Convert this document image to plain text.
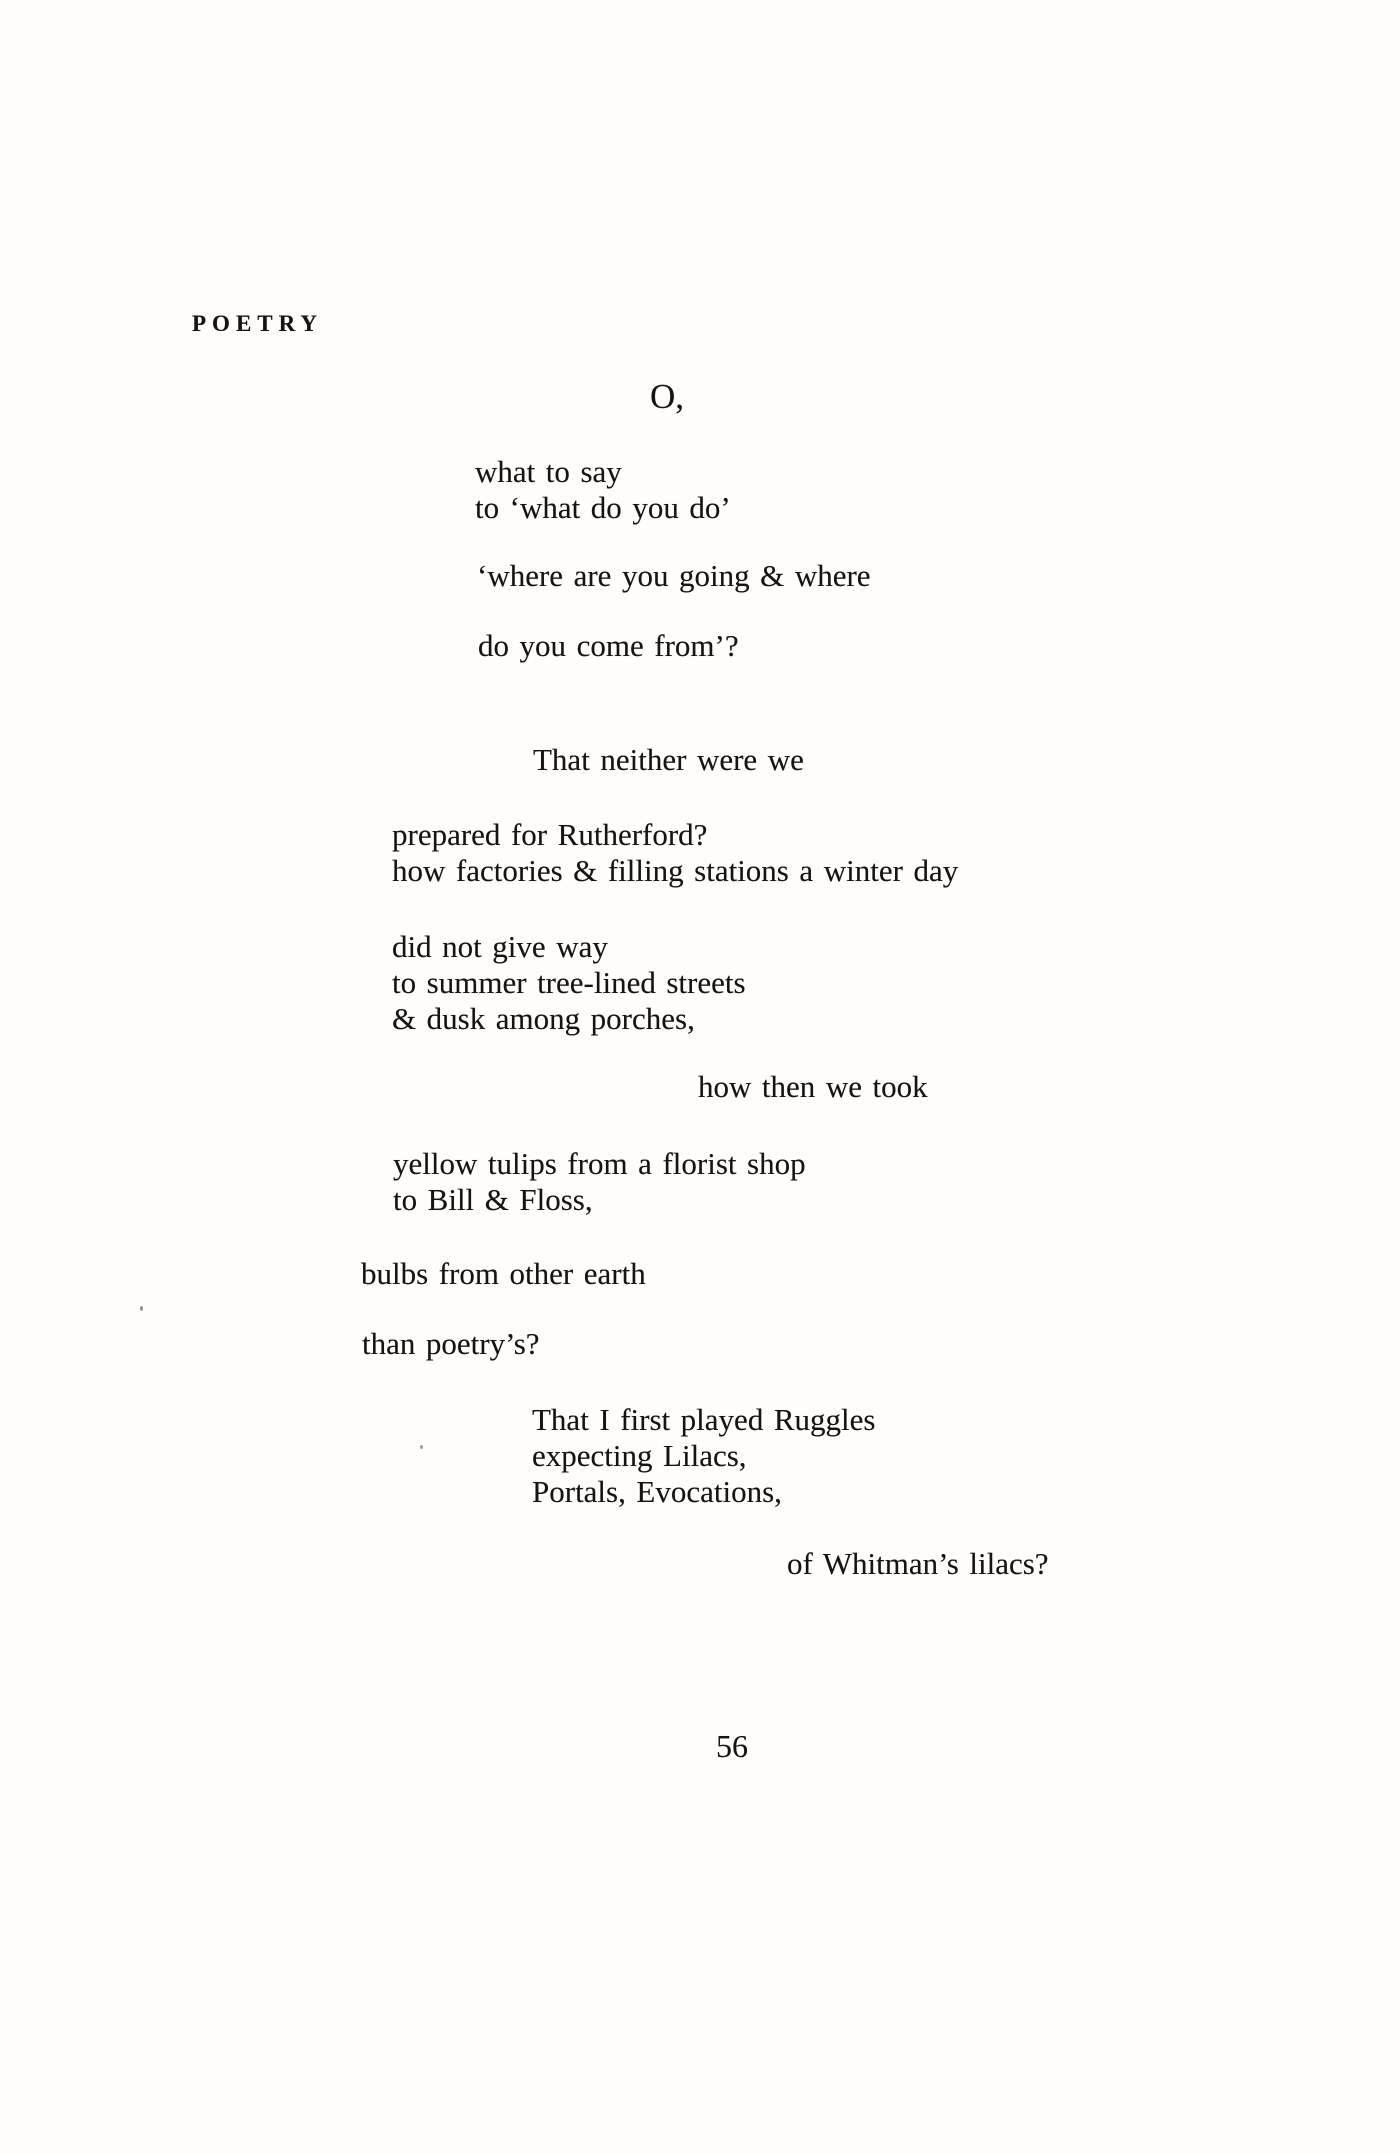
POETRY
O,
what to say
to ‘what do you do’
‘where are you going & where
do you come from’?
That neither were we
prepared for Rutherford?
how factories & filling stations a winter day
did not give way
to summer tree-lined streets
& dusk among porches,
how then we took
yellow tulips from a florist shop
to Bill & Floss,
bulbs from other earth
than poetry’s?
That I first played Ruggles
expecting Lilacs,
Portals, Evocations,
of Whitman’s lilacs?
56
